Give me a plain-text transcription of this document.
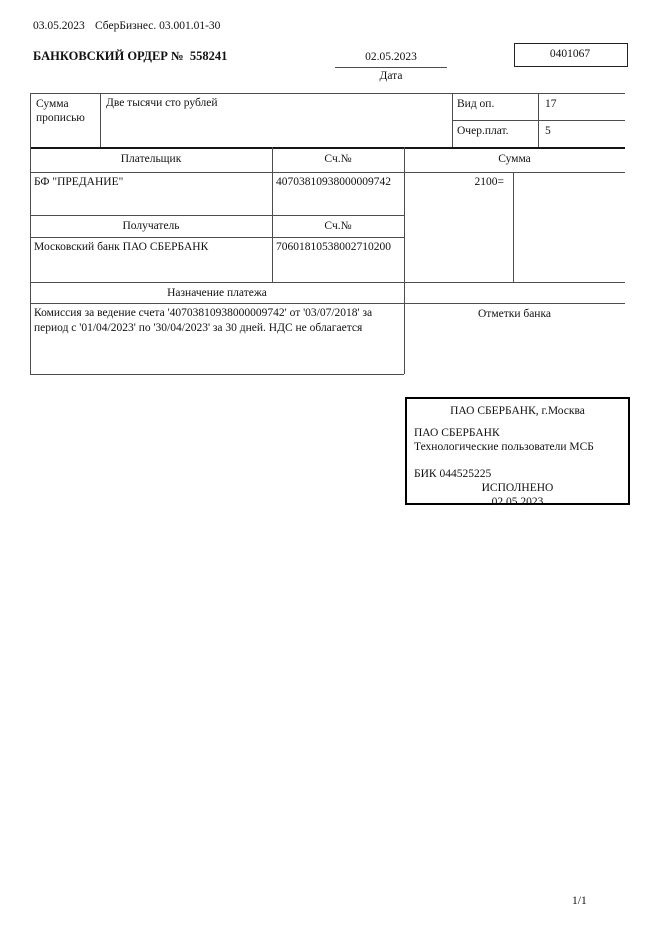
03.05.2023 СберБизнес. 03.001.01-30
БАНКОВСКИЙ ОРДЕР № 558241	02.05.2023
Дата
0401067
Сумма прописью
Две тысячи сто рублей	Вид оп.	17
Очер.плат.	5
Плательщик	Сч.№	Сумма
БФ "ПРЕДАНИЕ"	40703810938000009742	2100=
Получатель	Сч.№
Московский банк ПАО СБЕРБАНК	70601810538002710200
Назначение платежа
Комиссия за ведение счета '40703810938000009742' от '03/07/2018' за период с '01/04/2023' по '30/04/2023' за 30 дней. НДС не облагается
Отметки банка
ПАО СБЕРБАНК, г.Москва
ПАО СБЕРБАНК
Технологические пользователи МСБ
БИК 044525225
ИСПОЛНЕНО
02.05.2023
1/1
